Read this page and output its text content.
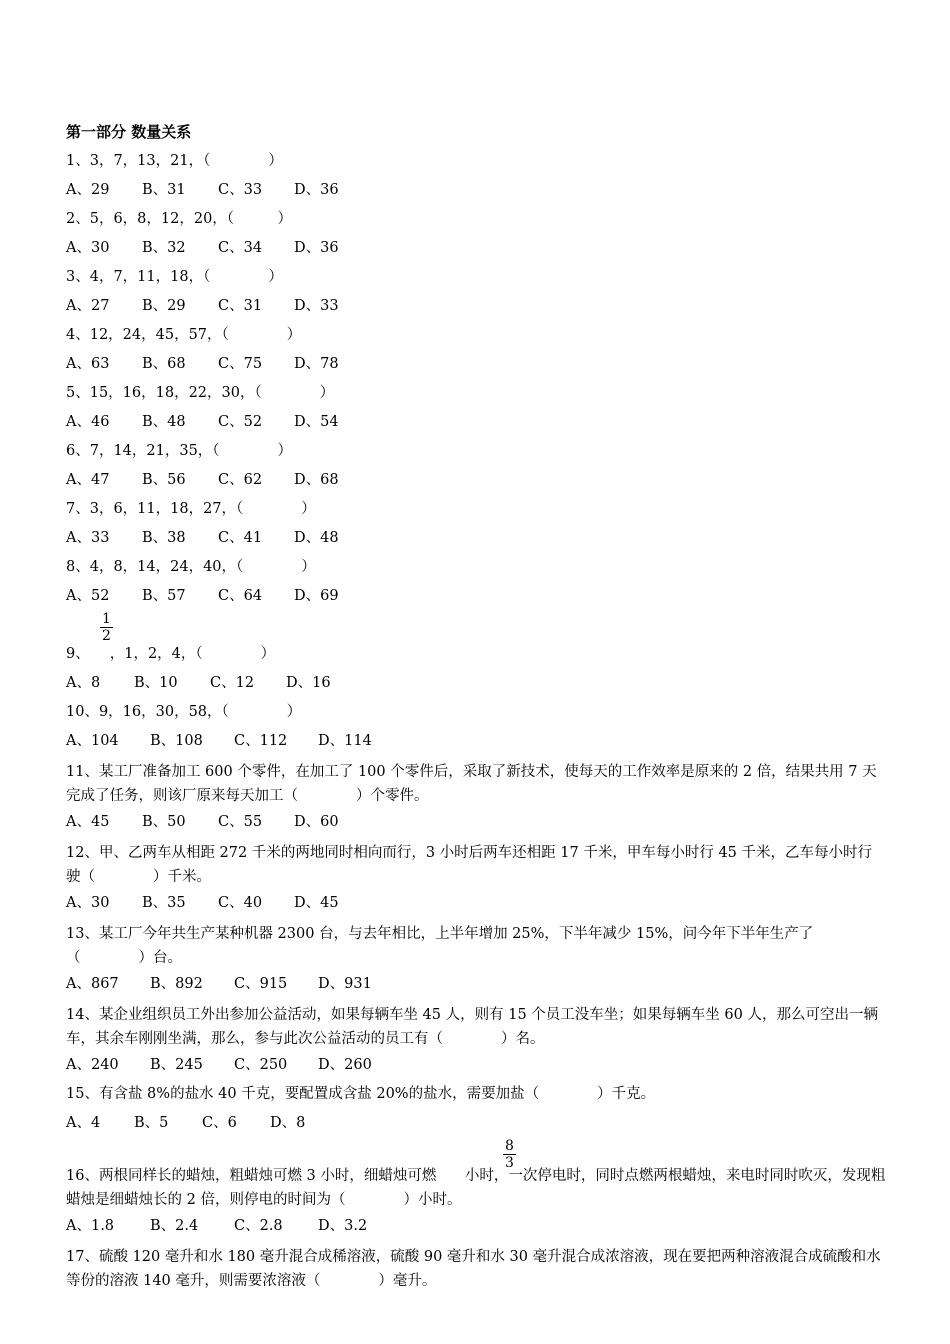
第一部分 数量关系
1、3，7，13，21，（　　　　）
A、29 B、31 C、33 D、36
2、5，6，8，12，20，（　　　）
A、30 B、32 C、34 D、36
3、4，7，11，18，（　　　　）
A、27 B、29 C、31 D、33
4、12，24，45，57，（　　　　）
A、63 B、68 C、75 D、78
5、15，16，18，22，30，（　　　　）
A、46 B、48 C、52 D、54
6、7，14，21，35，（　　　　）
A、47 B、56 C、62 D、68
7、3，6，11，18，27，（　　　　）
A、33 B、38 C、41 D、48
8、4，8，14，24，40，（　　　　）
A、52 B、57 C、64 D、69
$\frac{1}{2}$
9、 ，1，2，4，（　　　　）
A、8 B、10 C、12 D、16
10、9，16，30，58，（　　　　）
A、104 B、108 C、112 D、114
11、某工厂准备加工 600 个零件，在加工了 100 个零件后，采取了新技术，使每天的工作效率是原来的 2 倍，结果共用 7 天完成了任务，则该厂原来每天加工（　　　　）个零件。
A、45 B、50 C、55 D、60
12、甲、乙两车从相距 272 千米的两地同时相向而行，3 小时后两车还相距 17 千米，甲车每小时行 45 千米，乙车每小时行驶（　　　　）千米。
A、30 B、35 C、40 D、45
13、某工厂今年共生产某种机器 2300 台，与去年相比，上半年增加 25%，下半年减少 15%，问今年下半年生产了（　　　　）台。
A、867 B、892 C、915 D、931
14、某企业组织员工外出参加公益活动，如果每辆车坐 45 人，则有 15 个员工没车坐；如果每辆车坐 60 人，那么可空出一辆车，其余车刚刚坐满，那么，参与此次公益活动的员工有（　　　　）名。
A、240 B、245 C、250 D、260
15、有含盐 8%的盐水 40 千克，要配置成含盐 20%的盐水，需要加盐（　　　　）千克。
A、4 B、5 C、6 D、8
$\frac{8}{3}$
16、两根同样长的蜡烛，粗蜡烛可燃 3 小时，细蜡烛可燃　小时，一次停电时，同时点燃两根蜡烛，来电时同时吹灭，发现粗蜡烛是细蜡烛长的 2 倍，则停电的时间为（　　　　）小时。
A、1.8 B、2.4 C、2.8 D、3.2
17、硫酸 120 毫升和水 180 毫升混合成稀溶液，硫酸 90 毫升和水 30 毫升混合成浓溶液，现在要把两种溶液混合成硫酸和水等份的溶液 140 毫升，则需要浓溶液（　　　　）毫升。
